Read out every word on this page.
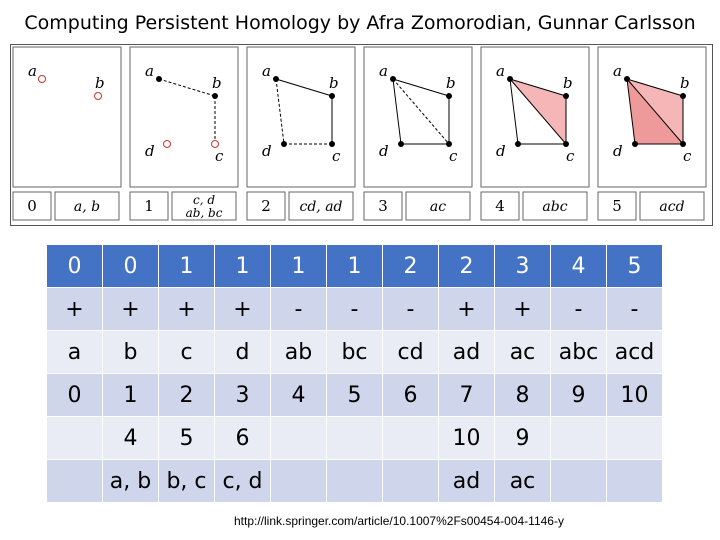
Computing Persistent Homology by Afra Zomorodian, Gunnar Carlsson
a
b
0	a, b
a
b
c
d
1	c, d
ab, bc
a
b
c
d
2 cd, ad
a
b
c
d
3	ac
a
b
c
d
4	abc
a
b
c
d
5	acd
0	0	1	1	1	1	2	2	3	4	5
+	+	+	+	-	-	-	+	+	-	-
a	b	c	d	ab	bc	cd	ad	ac	abc	acd
0	1	2	3	4	5	6	7	8	9	10
	4	5	6				10	9		
	a, b	b, c	c, d				ad	ac		
http://link.springer.com/article/10.1007%2Fs00454-004-1146-y
